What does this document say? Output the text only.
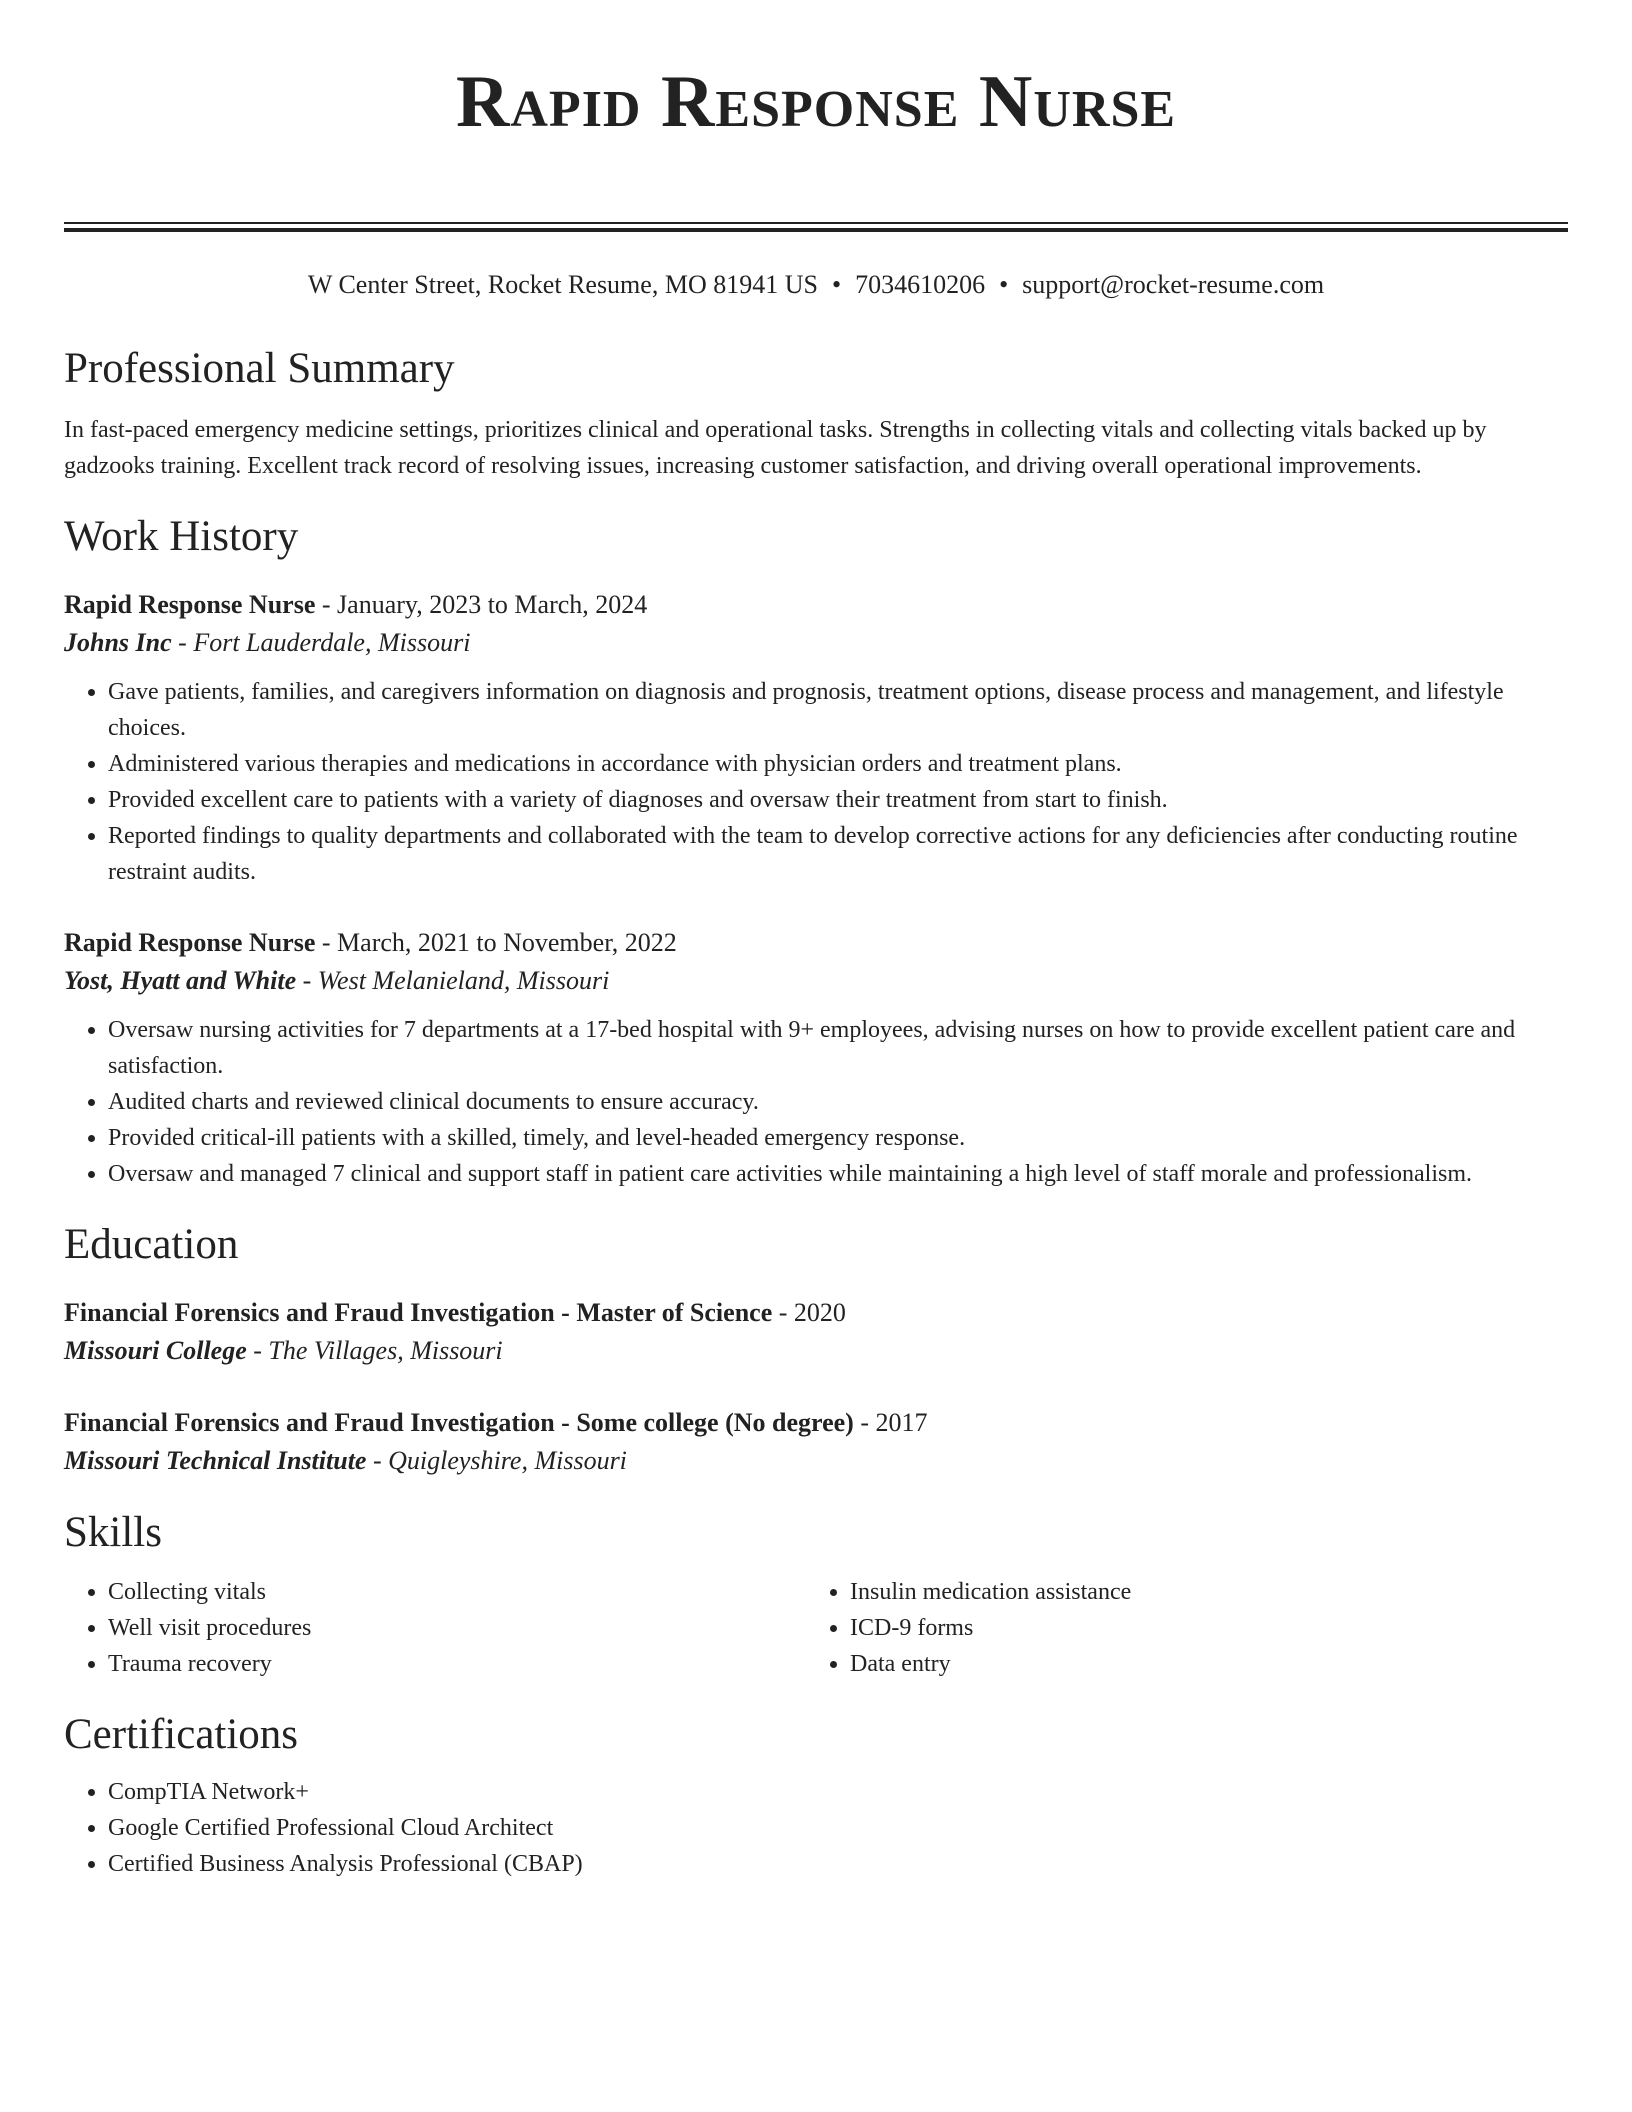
Rapid Response Nurse
W Center Street, Rocket Resume, MO 81941 US • 7034610206 • support@rocket-resume.com
Professional Summary
In fast-paced emergency medicine settings, prioritizes clinical and operational tasks. Strengths in collecting vitals and collecting vitals backed up by gadzooks training. Excellent track record of resolving issues, increasing customer satisfaction, and driving overall operational improvements.
Work History
Rapid Response Nurse - January, 2023 to March, 2024
Johns Inc - Fort Lauderdale, Missouri
• Gave patients, families, and caregivers information on diagnosis and prognosis, treatment options, disease process and management, and lifestyle choices.
• Administered various therapies and medications in accordance with physician orders and treatment plans.
• Provided excellent care to patients with a variety of diagnoses and oversaw their treatment from start to finish.
• Reported findings to quality departments and collaborated with the team to develop corrective actions for any deficiencies after conducting routine restraint audits.
Rapid Response Nurse - March, 2021 to November, 2022
Yost, Hyatt and White - West Melanieland, Missouri
• Oversaw nursing activities for 7 departments at a 17-bed hospital with 9+ employees, advising nurses on how to provide excellent patient care and satisfaction.
• Audited charts and reviewed clinical documents to ensure accuracy.
• Provided critical-ill patients with a skilled, timely, and level-headed emergency response.
• Oversaw and managed 7 clinical and support staff in patient care activities while maintaining a high level of staff morale and professionalism.
Education
Financial Forensics and Fraud Investigation - Master of Science - 2020
Missouri College - The Villages, Missouri
Financial Forensics and Fraud Investigation - Some college (No degree) - 2017
Missouri Technical Institute - Quigleyshire, Missouri
Skills
• Collecting vitals
• Well visit procedures
• Trauma recovery
• Insulin medication assistance
• ICD-9 forms
• Data entry
Certifications
• CompTIA Network+
• Google Certified Professional Cloud Architect
• Certified Business Analysis Professional (CBAP)
